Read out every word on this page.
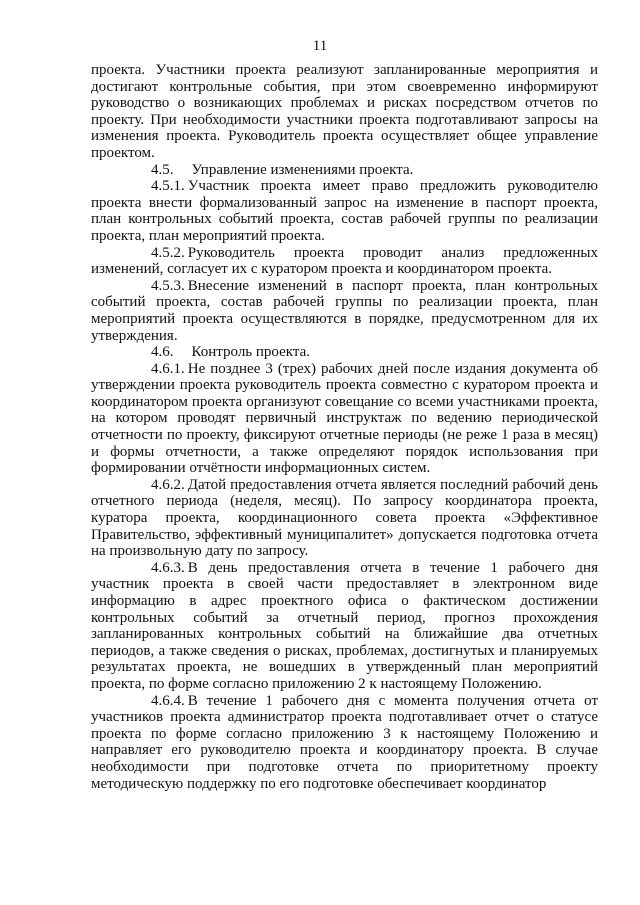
11

проекта. Участники проекта реализуют запланированные мероприятия и достигают контрольные события, при этом своевременно информируют руководство о возникающих проблемах и рисках посредством отчетов по проекту. При необходимости участники проекта подготавливают запросы на изменения проекта. Руководитель проекта осуществляет общее управление проектом.

4.5. Управление изменениями проекта.

4.5.1. Участник проекта имеет право предложить руководителю проекта внести формализованный запрос на изменение в паспорт проекта, план контрольных событий проекта, состав рабочей группы по реализации проекта, план мероприятий проекта.

4.5.2. Руководитель проекта проводит анализ предложенных изменений, согласует их с куратором проекта и координатором проекта.

4.5.3. Внесение изменений в паспорт проекта, план контрольных событий проекта, состав рабочей группы по реализации проекта, план мероприятий проекта осуществляются в порядке, предусмотренном для их утверждения.

4.6. Контроль проекта.

4.6.1. Не позднее 3 (трех) рабочих дней после издания документа об утверждении проекта руководитель проекта совместно с куратором проекта и координатором проекта организуют совещание со всеми участниками проекта, на котором проводят первичный инструктаж по ведению периодической отчетности по проекту, фиксируют отчетные периоды (не реже 1 раза в месяц) и формы отчетности, а также определяют порядок использования при формировании отчётности информационных систем.

4.6.2. Датой предоставления отчета является последний рабочий день отчетного периода (неделя, месяц). По запросу координатора проекта, куратора проекта, координационного совета проекта «Эффективное Правительство, эффективный муниципалитет» допускается подготовка отчета на произвольную дату по запросу.

4.6.3. В день предоставления отчета в течение 1 рабочего дня участник проекта в своей части предоставляет в электронном виде информацию в адрес проектного офиса о фактическом достижении контрольных событий за отчетный период, прогноз прохождения запланированных контрольных событий на ближайшие два отчетных периодов, а также сведения о рисках, проблемах, достигнутых и планируемых результатах проекта, не вошедших в утвержденный план мероприятий проекта, по форме согласно приложению 2 к настоящему Положению.

4.6.4. В течение 1 рабочего дня с момента получения отчета от участников проекта администратор проекта подготавливает отчет о статусе проекта по форме согласно приложению 3 к настоящему Положению и направляет его руководителю проекта и координатору проекта. В случае необходимости при подготовке отчета по приоритетному проекту методическую поддержку по его подготовке обеспечивает координатор
